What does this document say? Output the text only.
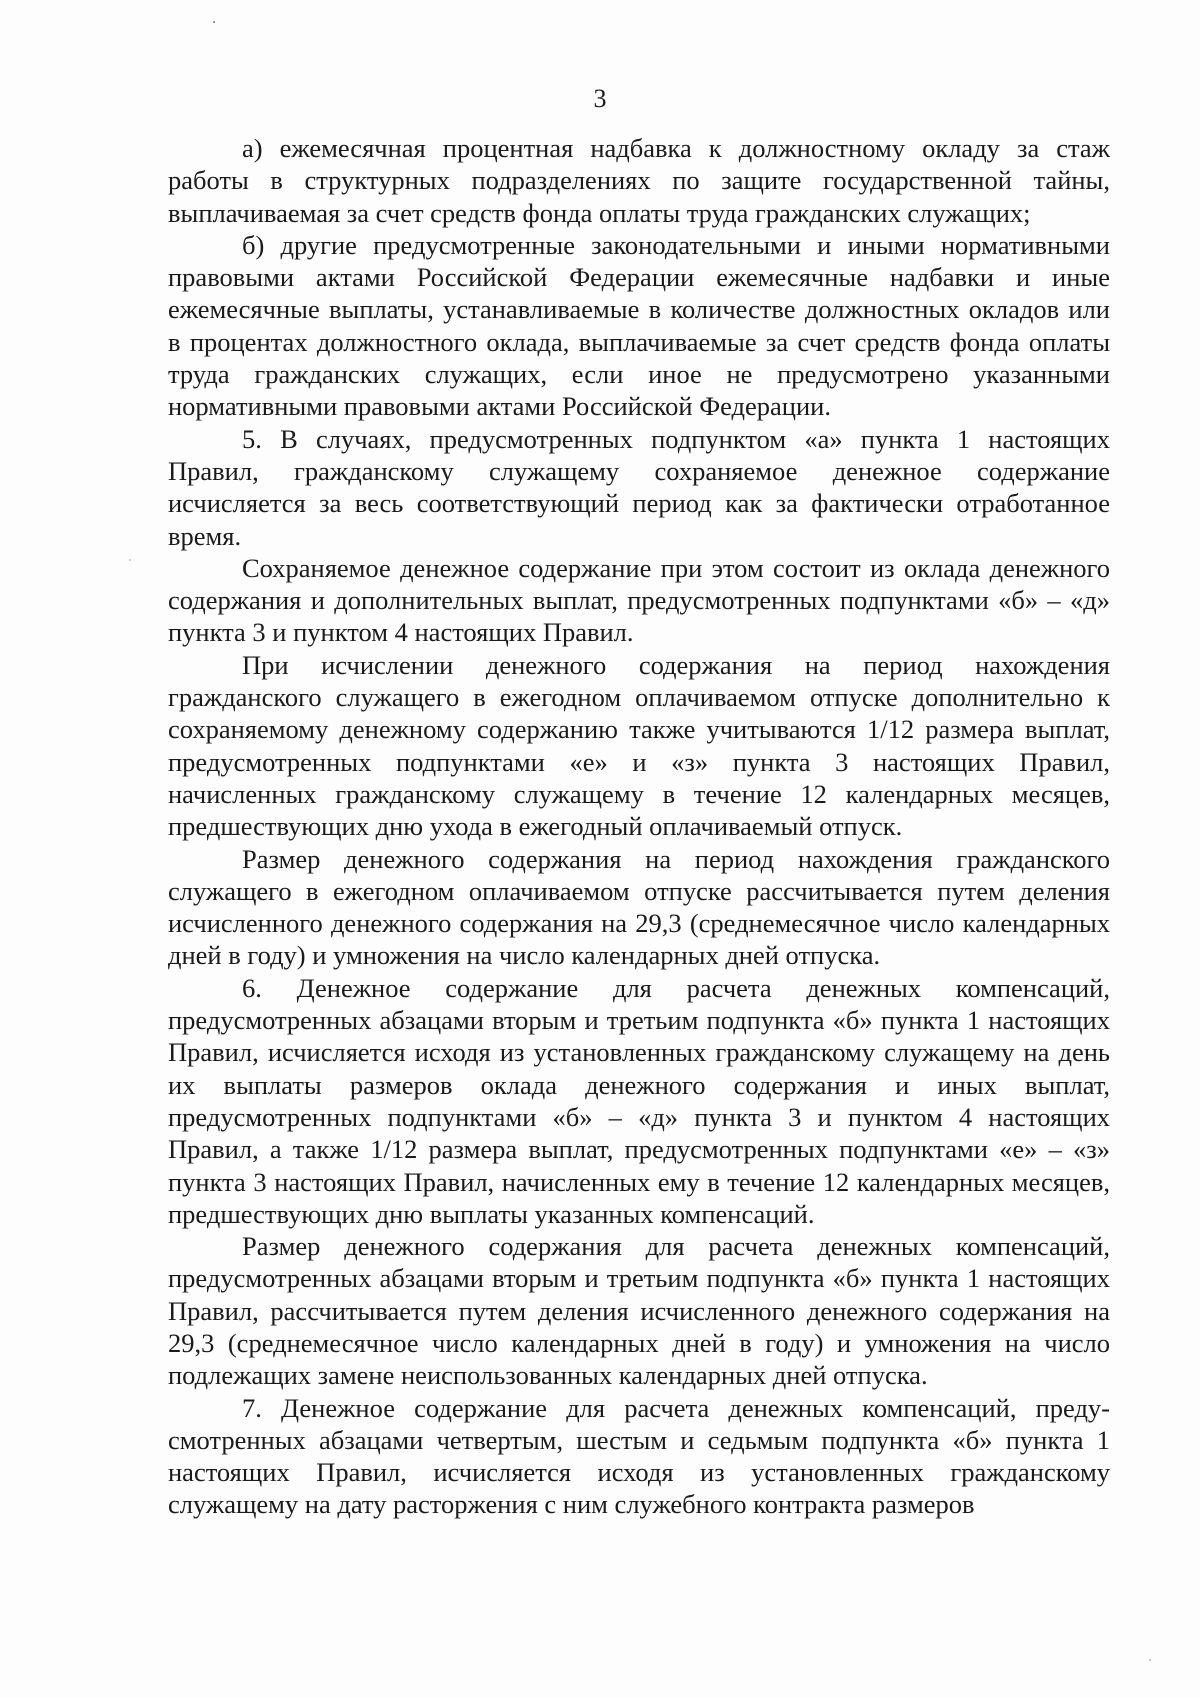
3

а) ежемесячная процентная надбавка к должностному окладу за стаж работы в структурных подразделениях по защите государственной тайны, выплачиваемая за счет средств фонда оплаты труда гражданских служащих;

б) другие предусмотренные законодательными и иными нормативными правовыми актами Российской Федерации ежемесячные надбавки и иные ежемесячные выплаты, устанавливаемые в количестве должностных окладов или в процентах должностного оклада, выплачиваемые за счет средств фонда оплаты труда гражданских служащих, если иное не предусмотрено указанными нормативными правовыми актами Российской Федерации.

5. В случаях, предусмотренных подпунктом «а» пункта 1 настоящих Правил, гражданскому служащему сохраняемое денежное содержание исчисляется за весь соответствующий период как за фактически отработанное время.

Сохраняемое денежное содержание при этом состоит из оклада денежного содержания и дополнительных выплат, предусмотренных подпунктами «б» – «д» пункта 3 и пунктом 4 настоящих Правил.

При исчислении денежного содержания на период нахождения гражданского служащего в ежегодном оплачиваемом отпуске дополнительно к сохраняемому денежному содержанию также учитываются 1/12 размера выплат, предусмотренных подпунктами «е» и «з» пункта 3 настоящих Правил, начисленных гражданскому служащему в течение 12 календарных месяцев, предшествующих дню ухода в ежегодный оплачиваемый отпуск.

Размер денежного содержания на период нахождения гражданского служащего в ежегодном оплачиваемом отпуске рассчитывается путем деления исчисленного денежного содержания на 29,3 (среднемесячное число календарных дней в году) и умножения на число календарных дней отпуска.

6. Денежное содержание для расчета денежных компенсаций, предусмотренных абзацами вторым и третьим подпункта «б» пункта 1 настоящих Правил, исчисляется исходя из установленных гражданскому служащему на день их выплаты размеров оклада денежного содержания и иных выплат, предусмотренных подпунктами «б» – «д» пункта 3 и пунктом 4 настоящих Правил, а также 1/12 размера выплат, предусмотренных подпунктами «е» – «з» пункта 3 настоящих Правил, начисленных ему в течение 12 календарных месяцев, предшествующих дню выплаты указанных компенсаций.

Размер денежного содержания для расчета денежных компенсаций, предусмотренных абзацами вторым и третьим подпункта «б» пункта 1 настоящих Правил, рассчитывается путем деления исчисленного денежного содержания на 29,3 (среднемесячное число календарных дней в году) и умножения на число подлежащих замене неиспользованных календарных дней отпуска.

7. Денежное содержание для расчета денежных компенсаций, предусмотренных абзацами четвертым, шестым и седьмым подпункта «б» пункта 1 настоящих Правил, исчисляется исходя из установленных гражданскому служащему на дату расторжения с ним служебного контракта размеров
